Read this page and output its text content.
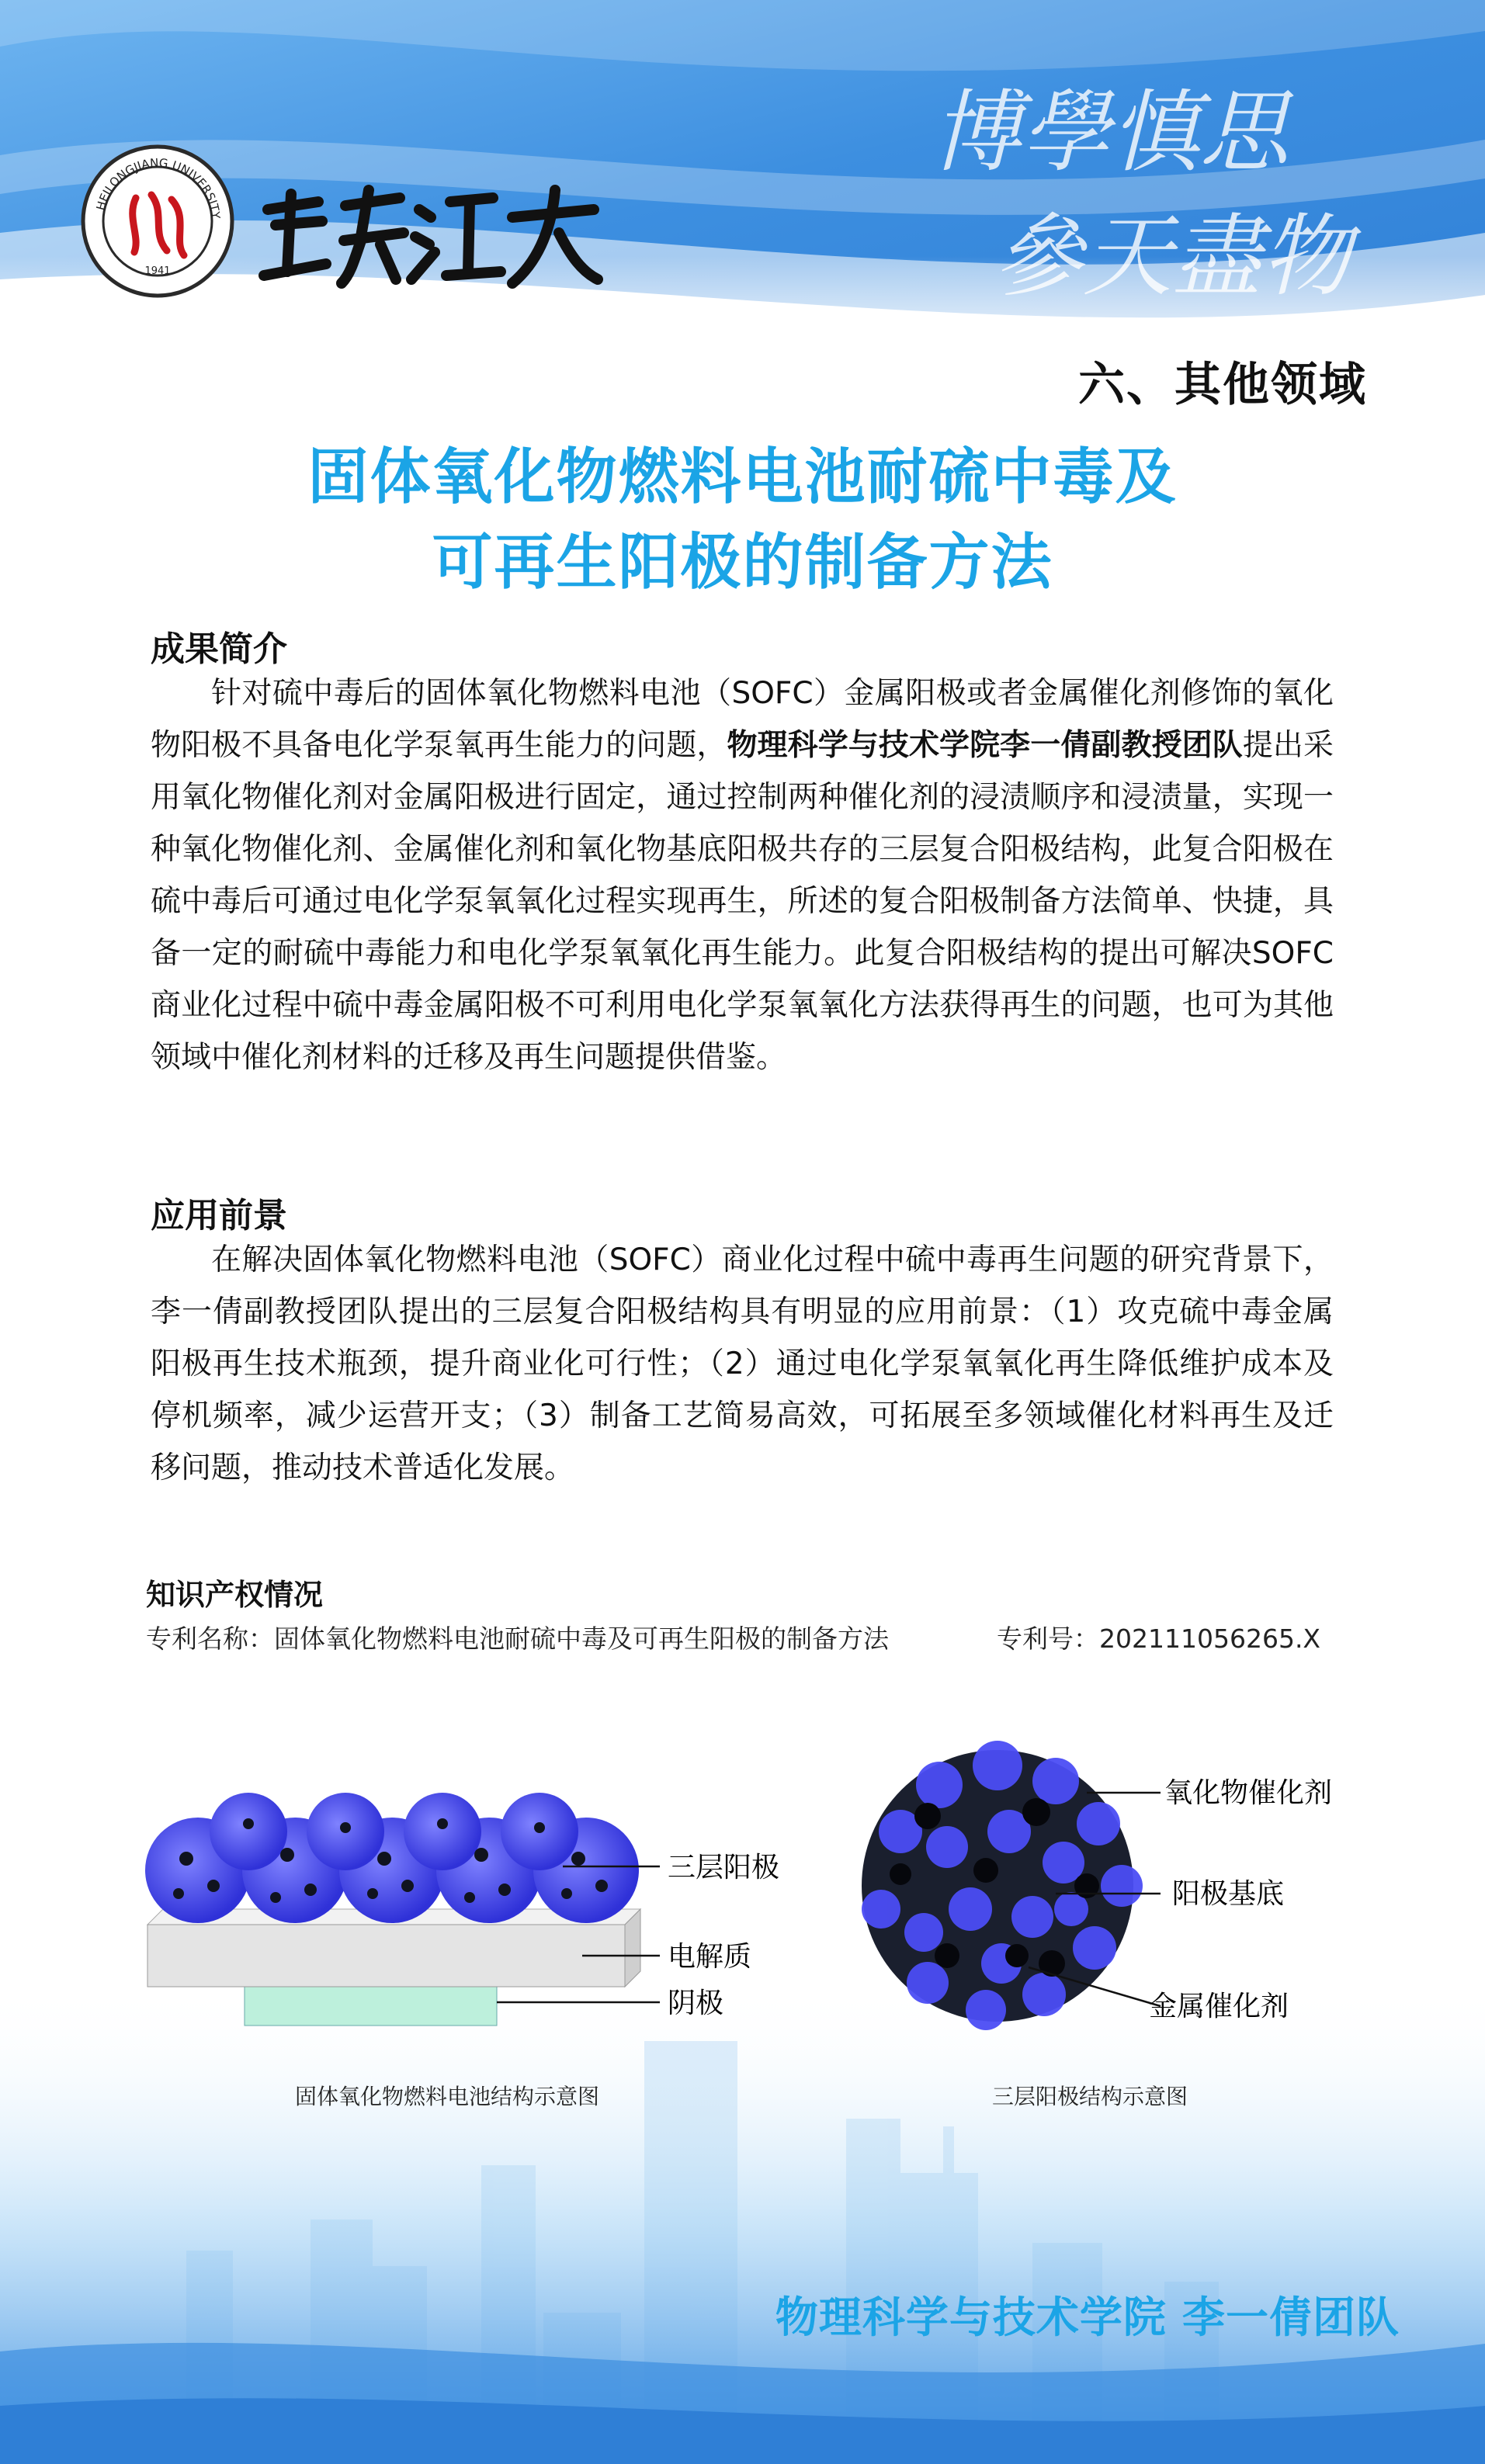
HEILONGJIANG UNIVERSITY
1941
博學慎思
參天盡物
六、其他领域
固体氧化物燃料电池耐硫中毒及
可再生阳极的制备方法
成果简介
针对硫中毒后的固体氧化物燃料电池（SOFC）金属阳极或者金属催化剂修饰的氧化物阳极不具备电化学泵氧再生能力的问题，物理科学与技术学院李一倩副教授团队提出采用氧化物催化剂对金属阳极进行固定，通过控制两种催化剂的浸渍顺序和浸渍量，实现一种氧化物催化剂、金属催化剂和氧化物基底阳极共存的三层复合阳极结构，此复合阳极在硫中毒后可通过电化学泵氧氧化过程实现再生，所述的复合阳极制备方法简单、快捷，具备一定的耐硫中毒能力和电化学泵氧氧化再生能力。此复合阳极结构的提出可解决SOFC商业化过程中硫中毒金属阳极不可利用电化学泵氧氧化方法获得再生的问题，也可为其他领域中催化剂材料的迁移及再生问题提供借鉴。
应用前景
在解决固体氧化物燃料电池（SOFC）商业化过程中硫中毒再生问题的研究背景下，李一倩副教授团队提出的三层复合阳极结构具有明显的应用前景：（1）攻克硫中毒金属阳极再生技术瓶颈，提升商业化可行性；（2）通过电化学泵氧氧化再生降低维护成本及停机频率，减少运营开支；（3）制备工艺简易高效，可拓展至多领域催化材料再生及迁移问题，推动技术普适化发展。
知识产权情况
专利名称：固体氧化物燃料电池耐硫中毒及可再生阳极的制备方法	专利号：202111056265.X
三层阳极
电解质
阴极
氧化物催化剂
阳极基底
金属催化剂
固体氧化物燃料电池结构示意图	三层阳极结构示意图
物理科学与技术学院 李一倩团队
